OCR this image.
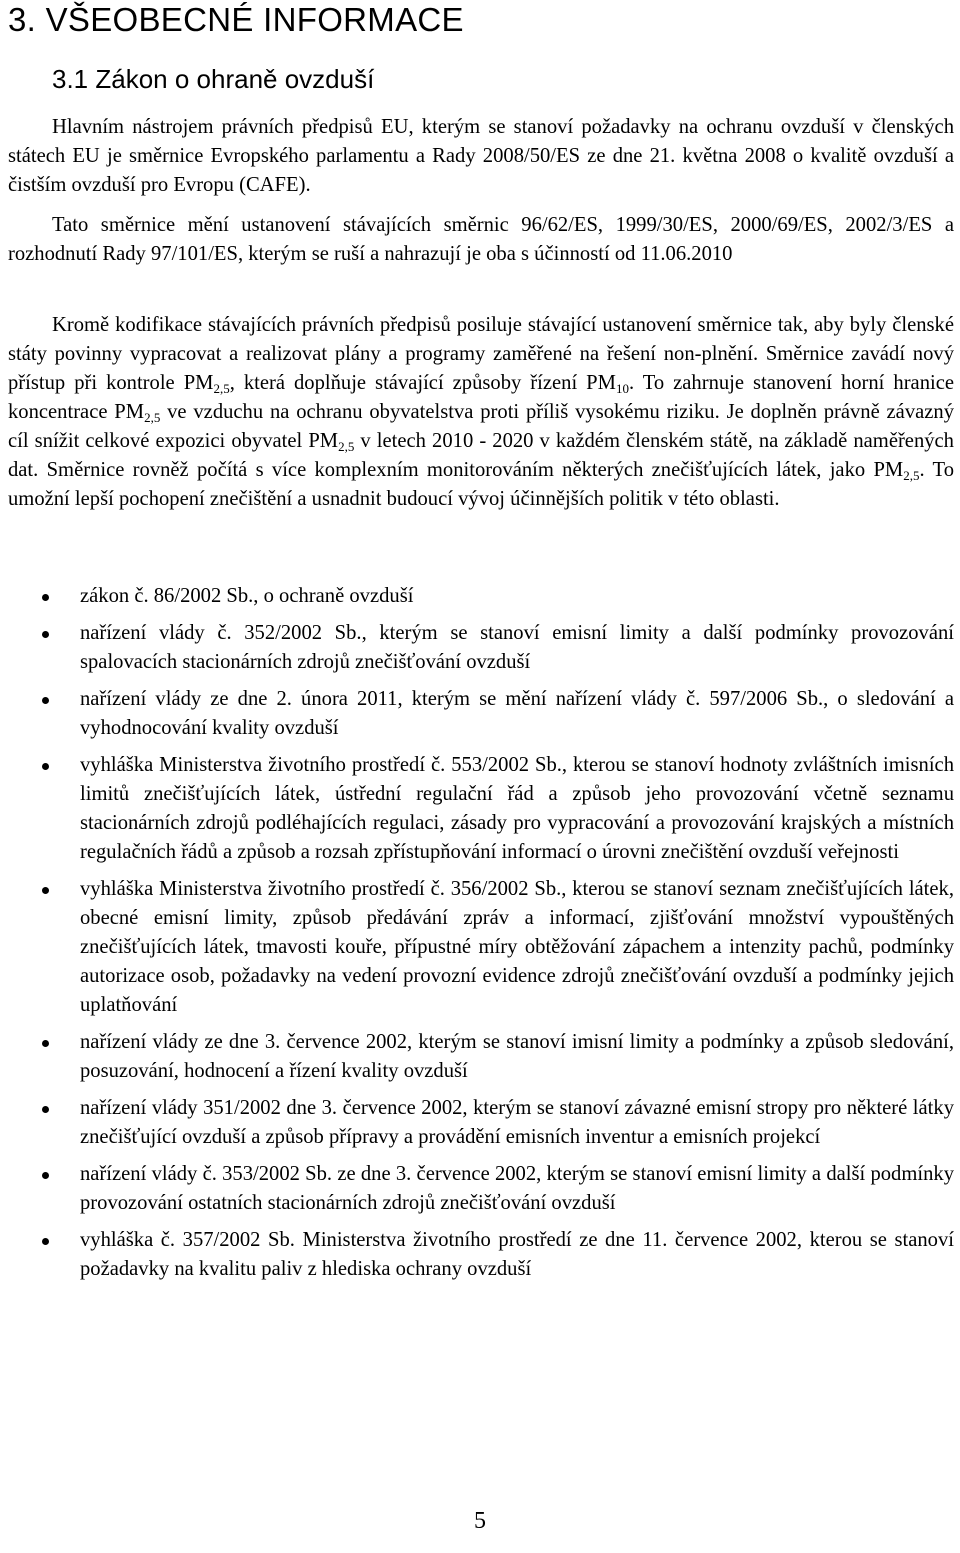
3. VŠEOBECNÉ INFORMACE
3.1 Zákon o ohraně ovzduší

Hlavním nástrojem právních předpisů EU, kterým se stanoví požadavky na ochranu ovzduší v členských státech EU je směrnice Evropského parlamentu a Rady 2008/50/ES ze dne 21. května 2008 o kvalitě ovzduší a čistším ovzduší pro Evropu (CAFE).

Tato směrnice mění ustanovení stávajících směrnic 96/62/ES, 1999/30/ES, 2000/69/ES, 2002/3/ES a rozhodnutí Rady 97/101/ES, kterým se ruší a nahrazují je oba s účinností od 11.06.2010

Kromě kodifikace stávajících právních předpisů posiluje stávající ustanovení směrnice tak, aby byly členské státy povinny vypracovat a realizovat plány a programy zaměřené na řešení non-plnění. Směrnice zavádí nový přístup při kontrole $PM_{2,5}$, která doplňuje stávající způsoby řízení $PM_{10}$. To zahrnuje stanovení horní hranice koncentrace $PM_{2,5}$ ve vzduchu na ochranu obyvatelstva proti příliš vysokému riziku. Je doplněn právně závazný cíl snížit celkové expozici obyvatel $PM_{2,5}$ v letech 2010 - 2020 v každém členském státě, na základě naměřených dat. Směrnice rovněž počítá s více komplexním monitorováním některých znečišťujících látek, jako $PM_{2,5}$. To umožní lepší pochopení znečištění a usnadnit budoucí vývoj účinnějších politik v této oblasti.

zákon č. 86/2002 Sb., o ochraně ovzduší
nařízení vlády č. 352/2002 Sb., kterým se stanoví emisní limity a další podmínky provozování spalovacích stacionárních zdrojů znečišťování ovzduší
nařízení vlády ze dne 2. února 2011, kterým se mění nařízení vlády č. 597/2006 Sb., o sledování a vyhodnocování kvality ovzduší
vyhláška Ministerstva životního prostředí č. 553/2002 Sb., kterou se stanoví hodnoty zvláštních imisních limitů znečišťujících látek, ústřední regulační řád a způsob jeho provozování včetně seznamu stacionárních zdrojů podléhajících regulaci, zásady pro vypracování a provozování krajských a místních regulačních řádů a způsob a rozsah zpřístupňování informací o úrovni znečištění ovzduší veřejnosti
vyhláška Ministerstva životního prostředí č. 356/2002 Sb., kterou se stanoví seznam znečišťujících látek, obecné emisní limity, způsob předávání zpráv a informací, zjišťování množství vypouštěných znečišťujících látek, tmavosti kouře, přípustné míry obtěžování zápachem a intenzity pachů, podmínky autorizace osob, požadavky na vedení provozní evidence zdrojů znečišťování ovzduší a podmínky jejich uplatňování
nařízení vlády ze dne 3. července 2002, kterým se stanoví imisní limity a podmínky a způsob sledování, posuzování, hodnocení a řízení kvality ovzduší
nařízení vlády 351/2002 dne 3. července 2002, kterým se stanoví závazné emisní stropy pro některé látky znečišťující ovzduší a způsob přípravy a provádění emisních inventur a emisních projekcí
nařízení vlády č. 353/2002 Sb. ze dne 3. července 2002, kterým se stanoví emisní limity a další podmínky provozování ostatních stacionárních zdrojů znečišťování ovzduší
vyhláška č. 357/2002 Sb. Ministerstva životního prostředí ze dne 11. července 2002, kterou se stanoví požadavky na kvalitu paliv z hlediska ochrany ovzduší
5
